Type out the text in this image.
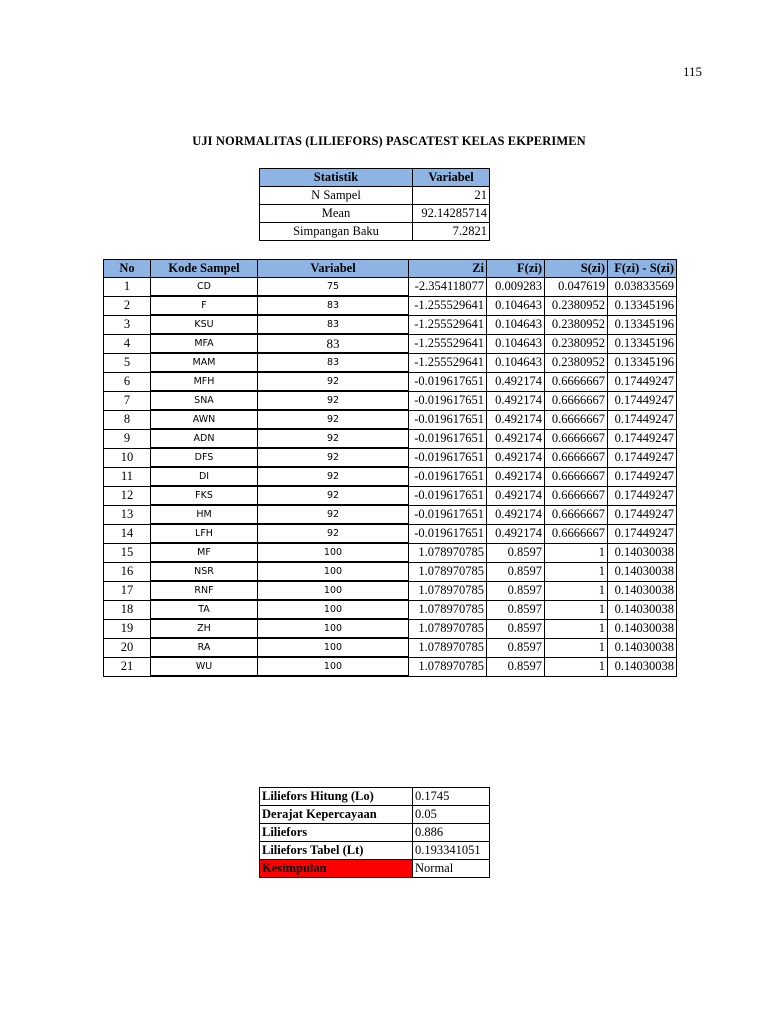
115
UJI NORMALITAS (LILIEFORS) PASCATEST KELAS EKPERIMEN
Statistik	Variabel
N Sampel	21
Mean	92.14285714
Simpangan Baku	7.2821
No	Kode Sampel	Variabel	Zi	F(zi)	S(zi)	F(zi) - S(zi)
1	CD	75	-2.354118077	0.009283	0.047619	0.03833569
2	F	83	-1.255529641	0.104643	0.2380952	0.13345196
3	KSU	83	-1.255529641	0.104643	0.2380952	0.13345196
4	MFA	83	-1.255529641	0.104643	0.2380952	0.13345196
5	MAM	83	-1.255529641	0.104643	0.2380952	0.13345196
6	MFH	92	-0.019617651	0.492174	0.6666667	0.17449247
7	SNA	92	-0.019617651	0.492174	0.6666667	0.17449247
8	AWN	92	-0.019617651	0.492174	0.6666667	0.17449247
9	ADN	92	-0.019617651	0.492174	0.6666667	0.17449247
10	DFS	92	-0.019617651	0.492174	0.6666667	0.17449247
11	DI	92	-0.019617651	0.492174	0.6666667	0.17449247
12	FKS	92	-0.019617651	0.492174	0.6666667	0.17449247
13	HM	92	-0.019617651	0.492174	0.6666667	0.17449247
14	LFH	92	-0.019617651	0.492174	0.6666667	0.17449247
15	MF	100	1.078970785	0.8597	1	0.14030038
16	NSR	100	1.078970785	0.8597	1	0.14030038
17	RNF	100	1.078970785	0.8597	1	0.14030038
18	TA	100	1.078970785	0.8597	1	0.14030038
19	ZH	100	1.078970785	0.8597	1	0.14030038
20	RA	100	1.078970785	0.8597	1	0.14030038
21	WU	100	1.078970785	0.8597	1	0.14030038
Liliefors Hitung (Lo)	0.1745
Derajat Kepercayaan	0.05
Liliefors	0.886
Liliefors Tabel (Lt)	0.193341051
Kesimpulan	Normal
